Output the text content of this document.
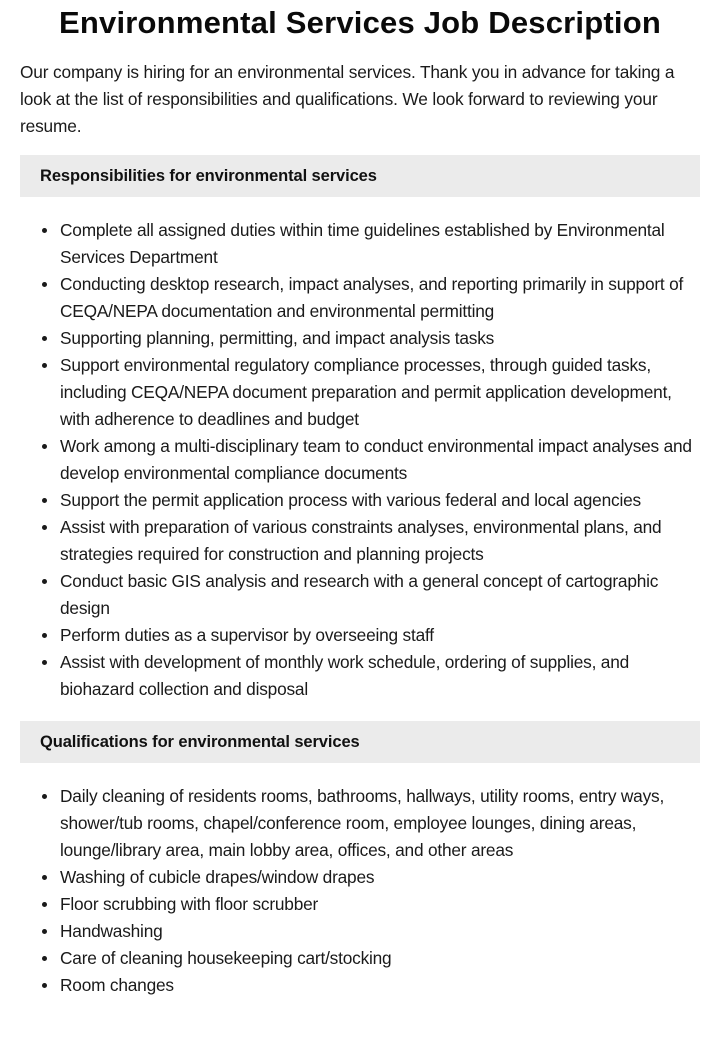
Environmental Services Job Description

Our company is hiring for an environmental services. Thank you in advance for taking a look at the list of responsibilities and qualifications. We look forward to reviewing your resume.

Responsibilities for environmental services
Complete all assigned duties within time guidelines established by Environmental Services Department
Conducting desktop research, impact analyses, and reporting primarily in support of CEQA/NEPA documentation and environmental permitting
Supporting planning, permitting, and impact analysis tasks
Support environmental regulatory compliance processes, through guided tasks, including CEQA/NEPA document preparation and permit application development, with adherence to deadlines and budget
Work among a multi-disciplinary team to conduct environmental impact analyses and develop environmental compliance documents
Support the permit application process with various federal and local agencies
Assist with preparation of various constraints analyses, environmental plans, and strategies required for construction and planning projects
Conduct basic GIS analysis and research with a general concept of cartographic design
Perform duties as a supervisor by overseeing staff
Assist with development of monthly work schedule, ordering of supplies, and biohazard collection and disposal
Qualifications for environmental services
Daily cleaning of residents rooms, bathrooms, hallways, utility rooms, entry ways, shower/tub rooms, chapel/conference room, employee lounges, dining areas, lounge/library area, main lobby area, offices, and other areas
Washing of cubicle drapes/window drapes
Floor scrubbing with floor scrubber
Handwashing
Care of cleaning housekeeping cart/stocking
Room changes
